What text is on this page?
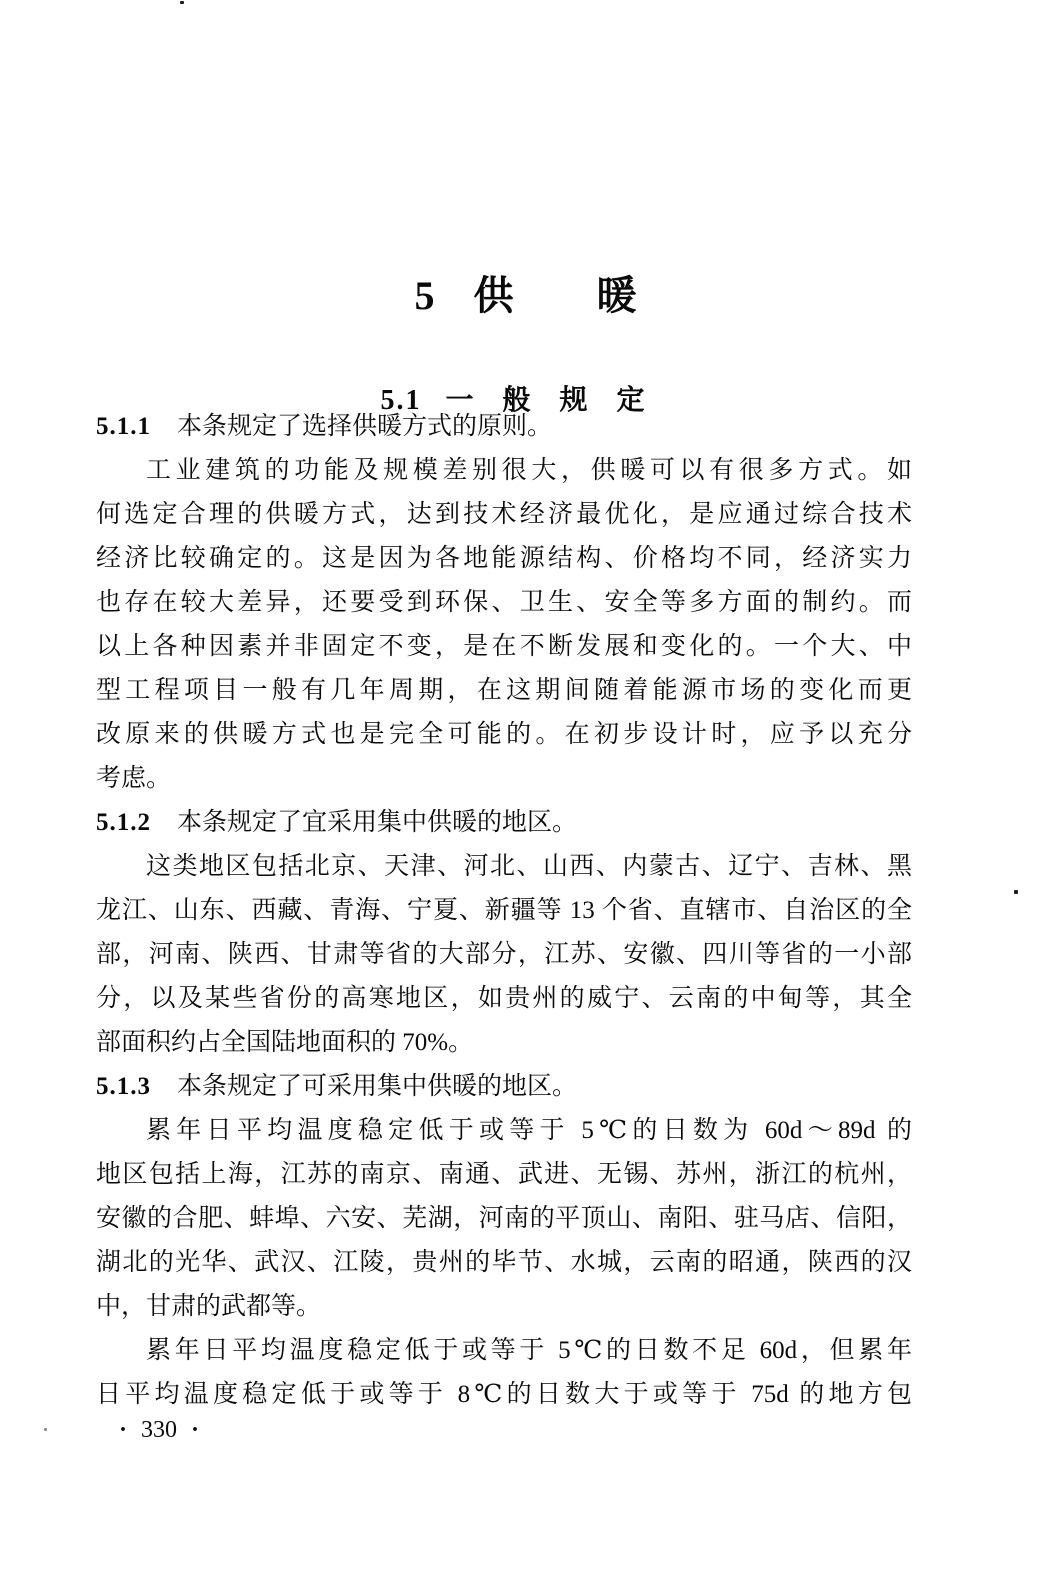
5 供　　暖

5.1 一 般 规 定

5.1.1 本条规定了选择供暖方式的原则。
工业建筑的功能及规模差别很大，供暖可以有很多方式。如
何选定合理的供暖方式，达到技术经济最优化，是应通过综合技术
经济比较确定的。这是因为各地能源结构、价格均不同，经济实力
也存在较大差异，还要受到环保、卫生、安全等多方面的制约。而
以上各种因素并非固定不变，是在不断发展和变化的。一个大、中
型工程项目一般有几年周期，在这期间随着能源市场的变化而更
改原来的供暖方式也是完全可能的。在初步设计时，应予以充分
考虑。
5.1.2 本条规定了宜采用集中供暖的地区。
这类地区包括北京、天津、河北、山西、内蒙古、辽宁、吉林、黑
龙江、山东、西藏、青海、宁夏、新疆等 13 个省、直辖市、自治区的全
部，河南、陕西、甘肃等省的大部分，江苏、安徽、四川等省的一小部
分，以及某些省份的高寒地区，如贵州的威宁、云南的中甸等，其全
部面积约占全国陆地面积的 70%。
5.1.3 本条规定了可采用集中供暖的地区。
累年日平均温度稳定低于或等于 5℃的日数为 60d～89d 的
地区包括上海，江苏的南京、南通、武进、无锡、苏州，浙江的杭州，
安徽的合肥、蚌埠、六安、芜湖，河南的平顶山、南阳、驻马店、信阳，
湖北的光华、武汉、江陵，贵州的毕节、水城，云南的昭通，陕西的汉
中，甘肃的武都等。
累年日平均温度稳定低于或等于 5℃的日数不足 60d，但累年
日平均温度稳定低于或等于 8℃的日数大于或等于 75d 的地方包
· 330 ·
